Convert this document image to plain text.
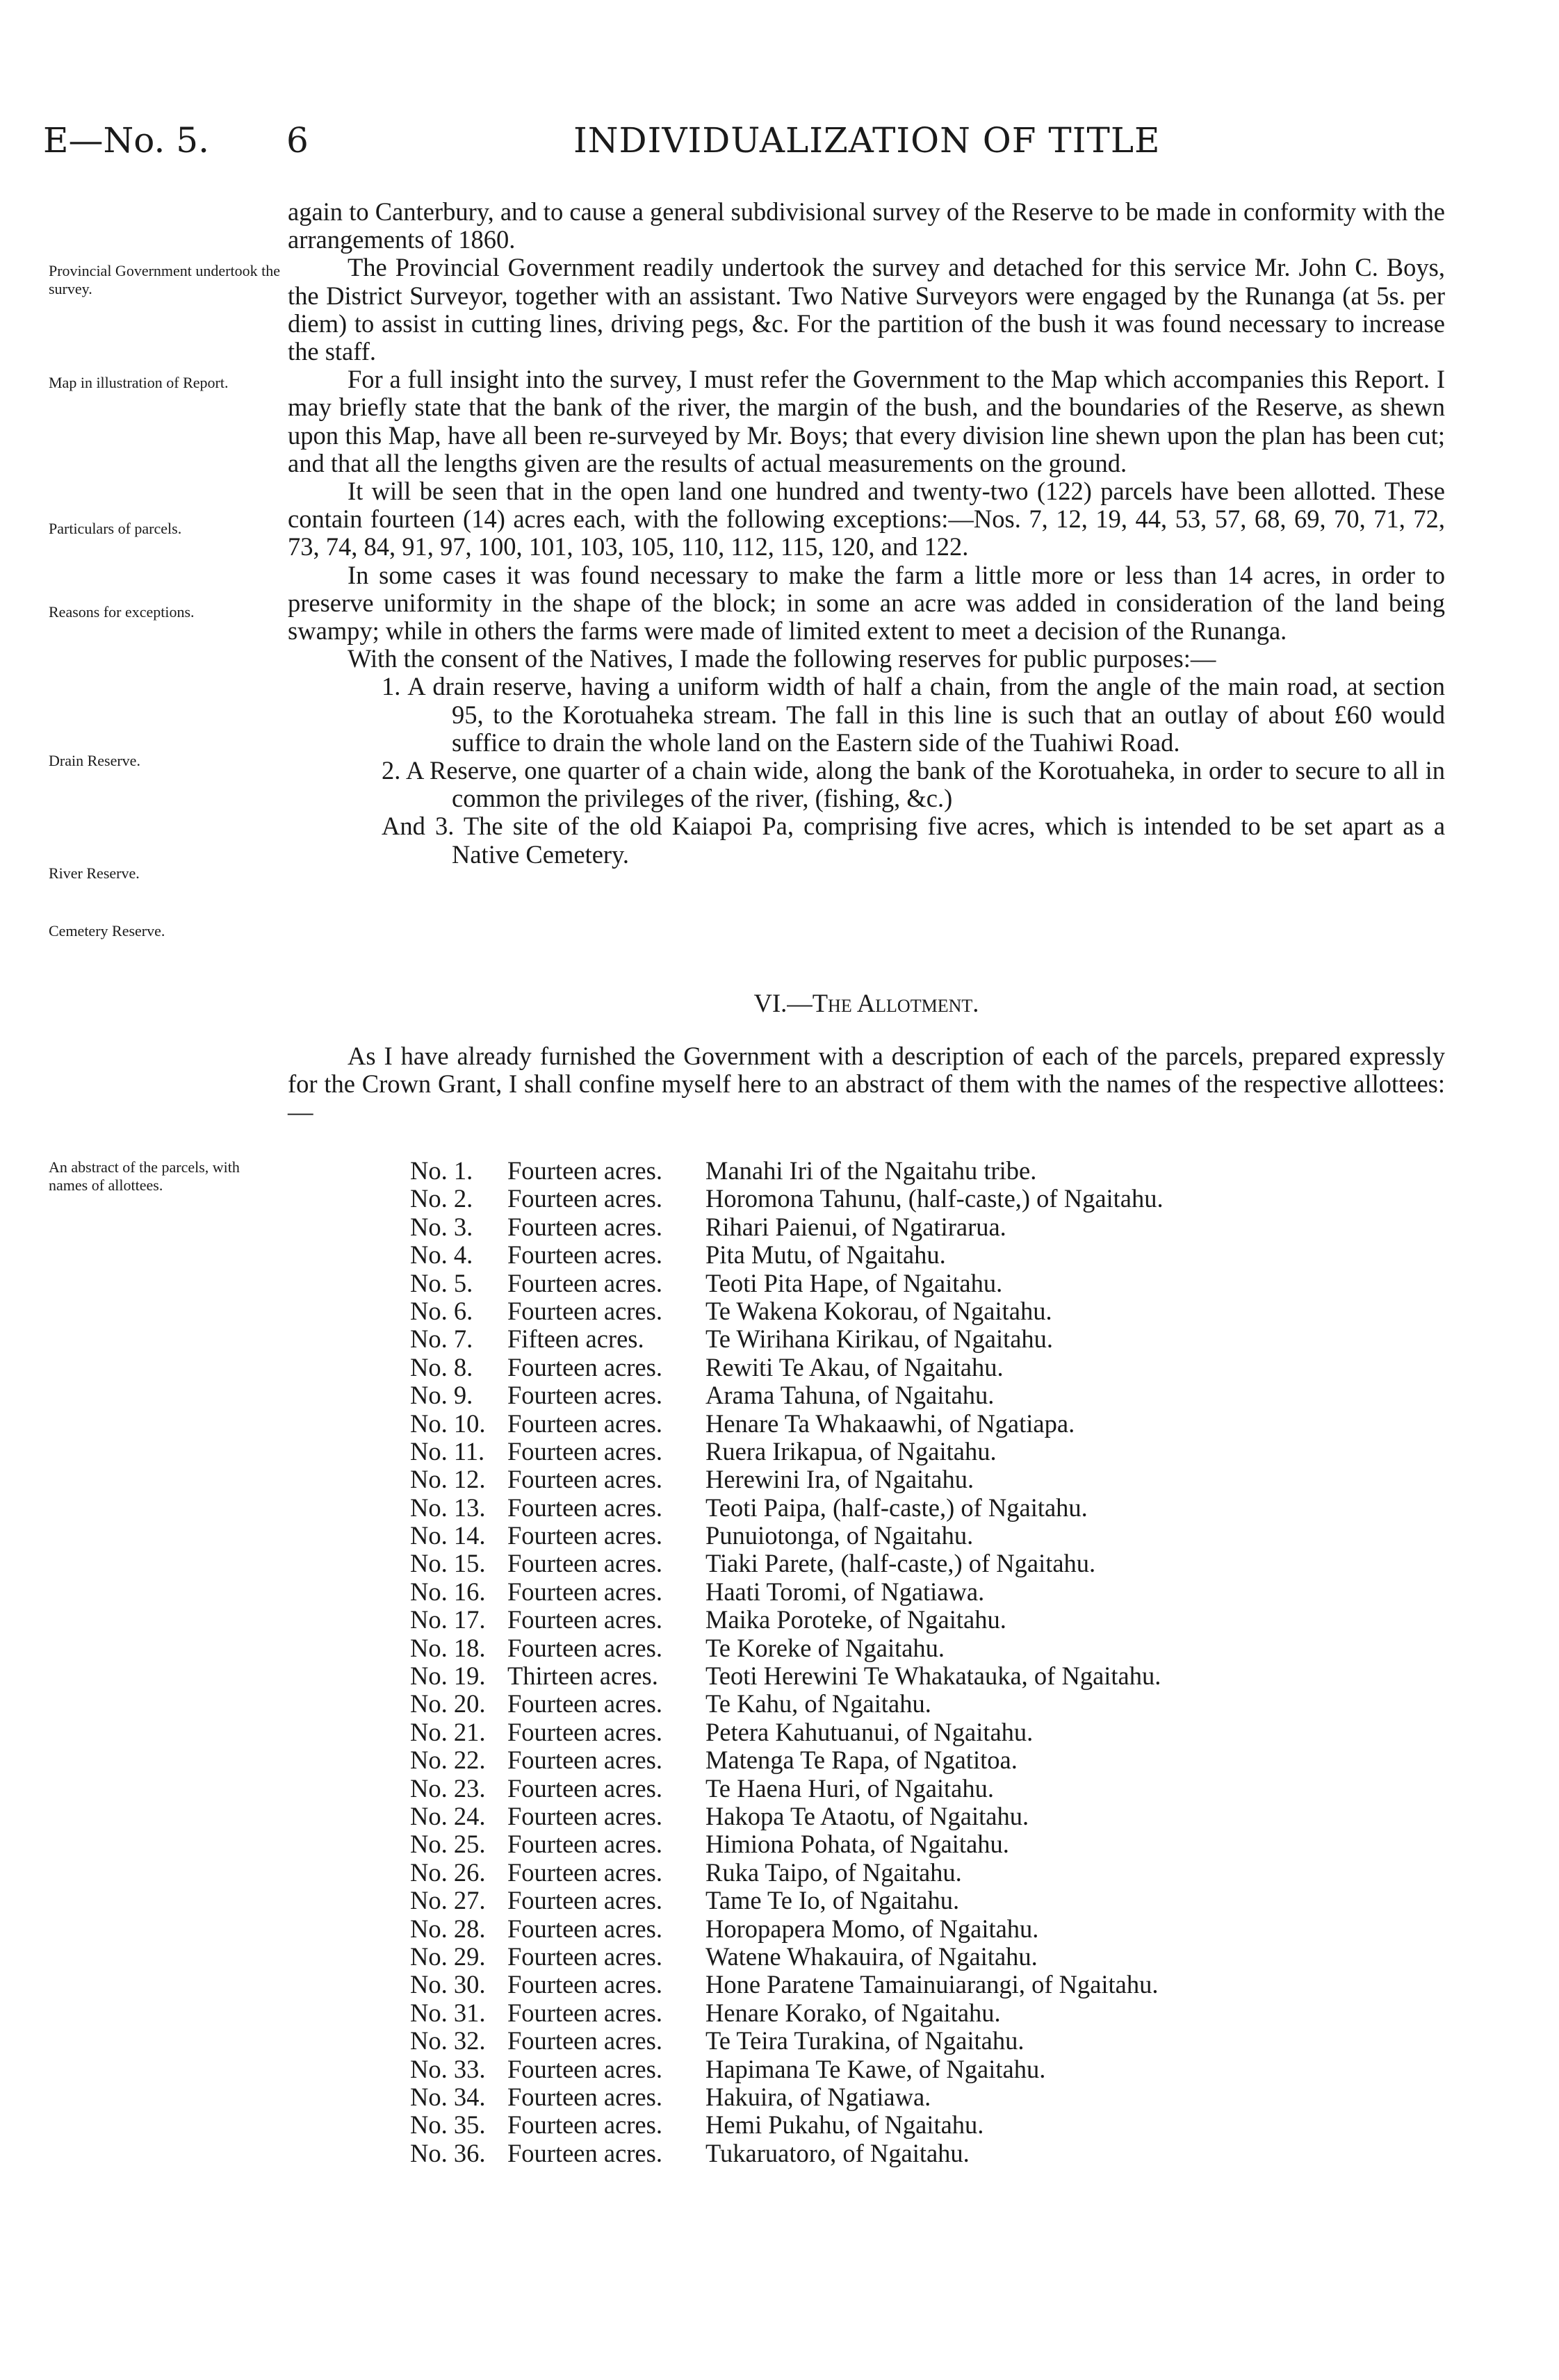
E—No. 5. 6	INDIVIDUALIZATION OF TITLE
Provincial Government undertook the survey.
Map in illustration of Report.
Particulars of parcels.
Reasons for exceptions.
Drain Reserve.
River Reserve.
Cemetery Reserve.
An abstract of the parcels, with names of allottees.

again to Canterbury, and to cause a general subdivisional survey of the Reserve to be made in conformity with the arrangements of 1860.

The Provincial Government readily undertook the survey and detached for this service Mr. John C. Boys, the District Surveyor, together with an assistant. Two Native Surveyors were engaged by the Runanga (at 5s. per diem) to assist in cutting lines, driving pegs, &c. For the partition of the bush it was found necessary to increase the staff.

For a full insight into the survey, I must refer the Government to the Map which accompanies this Report. I may briefly state that the bank of the river, the margin of the bush, and the boundaries of the Reserve, as shewn upon this Map, have all been re-surveyed by Mr. Boys; that every division line shewn upon the plan has been cut; and that all the lengths given are the results of actual measurements on the ground.

It will be seen that in the open land one hundred and twenty-two (122) parcels have been allotted. These contain fourteen (14) acres each, with the following exceptions:—Nos. 7, 12, 19, 44, 53, 57, 68, 69, 70, 71, 72, 73, 74, 84, 91, 97, 100, 101, 103, 105, 110, 112, 115, 120, and 122.

In some cases it was found necessary to make the farm a little more or less than 14 acres, in order to preserve uniformity in the shape of the block; in some an acre was added in consideration of the land being swampy; while in others the farms were made of limited extent to meet a decision of the Runanga.

With the consent of the Natives, I made the following reserves for public purposes:—

1. A drain reserve, having a uniform width of half a chain, from the angle of the main road, at section 95, to the Korotuaheka stream. The fall in this line is such that an outlay of about £60 would suffice to drain the whole land on the Eastern side of the Tuahiwi Road.

2. A Reserve, one quarter of a chain wide, along the bank of the Korotuaheka, in order to secure to all in common the privileges of the river, (fishing, &c.)

And 3. The site of the old Kaiapoi Pa, comprising five acres, which is intended to be set apart as a Native Cemetery.

VI.—The Allotment.

As I have already furnished the Government with a description of each of the parcels, prepared expressly for the Crown Grant, I shall confine myself here to an abstract of them with the names of the respective allottees:—

No. 1.	Fourteen acres.	Manahi Iri of the Ngaitahu tribe.
No. 2.	Fourteen acres.	Horomona Tahunu, (half-caste,) of Ngaitahu.
No. 3.	Fourteen acres.	Rihari Paienui, of Ngatirarua.
No. 4.	Fourteen acres.	Pita Mutu, of Ngaitahu.
No. 5.	Fourteen acres.	Teoti Pita Hape, of Ngaitahu.
No. 6.	Fourteen acres.	Te Wakena Kokorau, of Ngaitahu.
No. 7.	Fifteen acres.	Te Wirihana Kirikau, of Ngaitahu.
No. 8.	Fourteen acres.	Rewiti Te Akau, of Ngaitahu.
No. 9.	Fourteen acres.	Arama Tahuna, of Ngaitahu.
No. 10. Fourteen acres.	Henare Ta Whakaawhi, of Ngatiapa.
No. 11. Fourteen acres.	Ruera Irikapua, of Ngaitahu.
No. 12. Fourteen acres.	Herewini Ira, of Ngaitahu.
No. 13. Fourteen acres.	Teoti Paipa, (half-caste,) of Ngaitahu.
No. 14. Fourteen acres.	Punuiotonga, of Ngaitahu.
No. 15. Fourteen acres.	Tiaki Parete, (half-caste,) of Ngaitahu.
No. 16. Fourteen acres.	Haati Toromi, of Ngatiawa.
No. 17. Fourteen acres.	Maika Poroteke, of Ngaitahu.
No. 18. Fourteen acres.	Te Koreke of Ngaitahu.
No. 19. Thirteen acres.	Teoti Herewini Te Whakatauka, of Ngaitahu.
No. 20. Fourteen acres.	Te Kahu, of Ngaitahu.
No. 21. Fourteen acres.	Petera Kahutuanui, of Ngaitahu.
No. 22. Fourteen acres.	Matenga Te Rapa, of Ngatitoa.
No. 23. Fourteen acres.	Te Haena Huri, of Ngaitahu.
No. 24. Fourteen acres.	Hakopa Te Ataotu, of Ngaitahu.
No. 25. Fourteen acres.	Himiona Pohata, of Ngaitahu.
No. 26. Fourteen acres.	Ruka Taipo, of Ngaitahu.
No. 27. Fourteen acres.	Tame Te Io, of Ngaitahu.
No. 28. Fourteen acres.	Horopapera Momo, of Ngaitahu.
No. 29. Fourteen acres.	Watene Whakauira, of Ngaitahu.
No. 30. Fourteen acres.	Hone Paratene Tamainuiarangi, of Ngaitahu.
No. 31. Fourteen acres.	Henare Korako, of Ngaitahu.
No. 32. Fourteen acres.	Te Teira Turakina, of Ngaitahu.
No. 33. Fourteen acres.	Hapimana Te Kawe, of Ngaitahu.
No. 34. Fourteen acres.	Hakuira, of Ngatiawa.
No. 35. Fourteen acres.	Hemi Pukahu, of Ngaitahu.
No. 36. Fourteen acres.	Tukaruatoro, of Ngaitahu.
